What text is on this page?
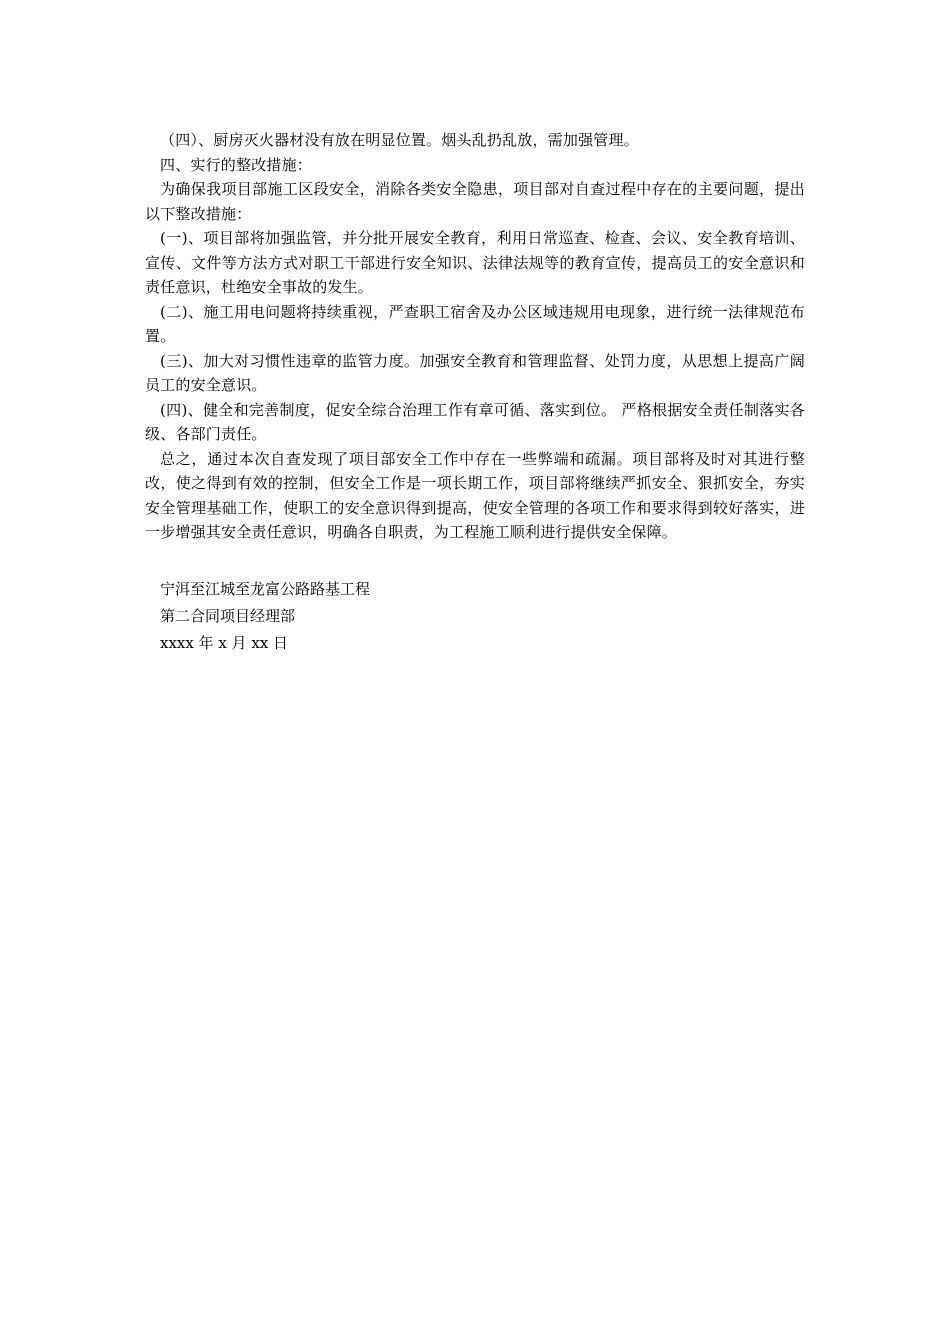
（四）、厨房灭火器材没有放在明显位置。烟头乱扔乱放，需加强管理。

四、实行的整改措施：

为确保我项目部施工区段安全，消除各类安全隐患，项目部对自查过程中存在的主要问题，提出以下整改措施：

(一)、项目部将加强监管，并分批开展安全教育，利用日常巡查、检查、会议、安全教育培训、宣传、文件等方法方式对职工干部进行安全知识、法律法规等的教育宣传，提高员工的安全意识和责任意识，杜绝安全事故的发生。

(二)、施工用电问题将持续重视，严查职工宿舍及办公区域违规用电现象，进行统一法律规范布置。

(三)、加大对习惯性违章的监管力度。加强安全教育和管理监督、处罚力度，从思想上提高广阔员工的安全意识。

(四)、健全和完善制度，促安全综合治理工作有章可循、落实到位。 严格根据安全责任制落实各级、各部门责任。

总之，通过本次自查发现了项目部安全工作中存在一些弊端和疏漏。项目部将及时对其进行整改，使之得到有效的控制，但安全工作是一项长期工作，项目部将继续严抓安全、狠抓安全，夯实安全管理基础工作，使职工的安全意识得到提高，使安全管理的各项工作和要求得到较好落实，进一步增强其安全责任意识，明确各自职责，为工程施工顺利进行提供安全保障。

宁洱至江城至龙富公路路基工程

第二合同项目经理部

xxxx 年 x 月 xx 日
